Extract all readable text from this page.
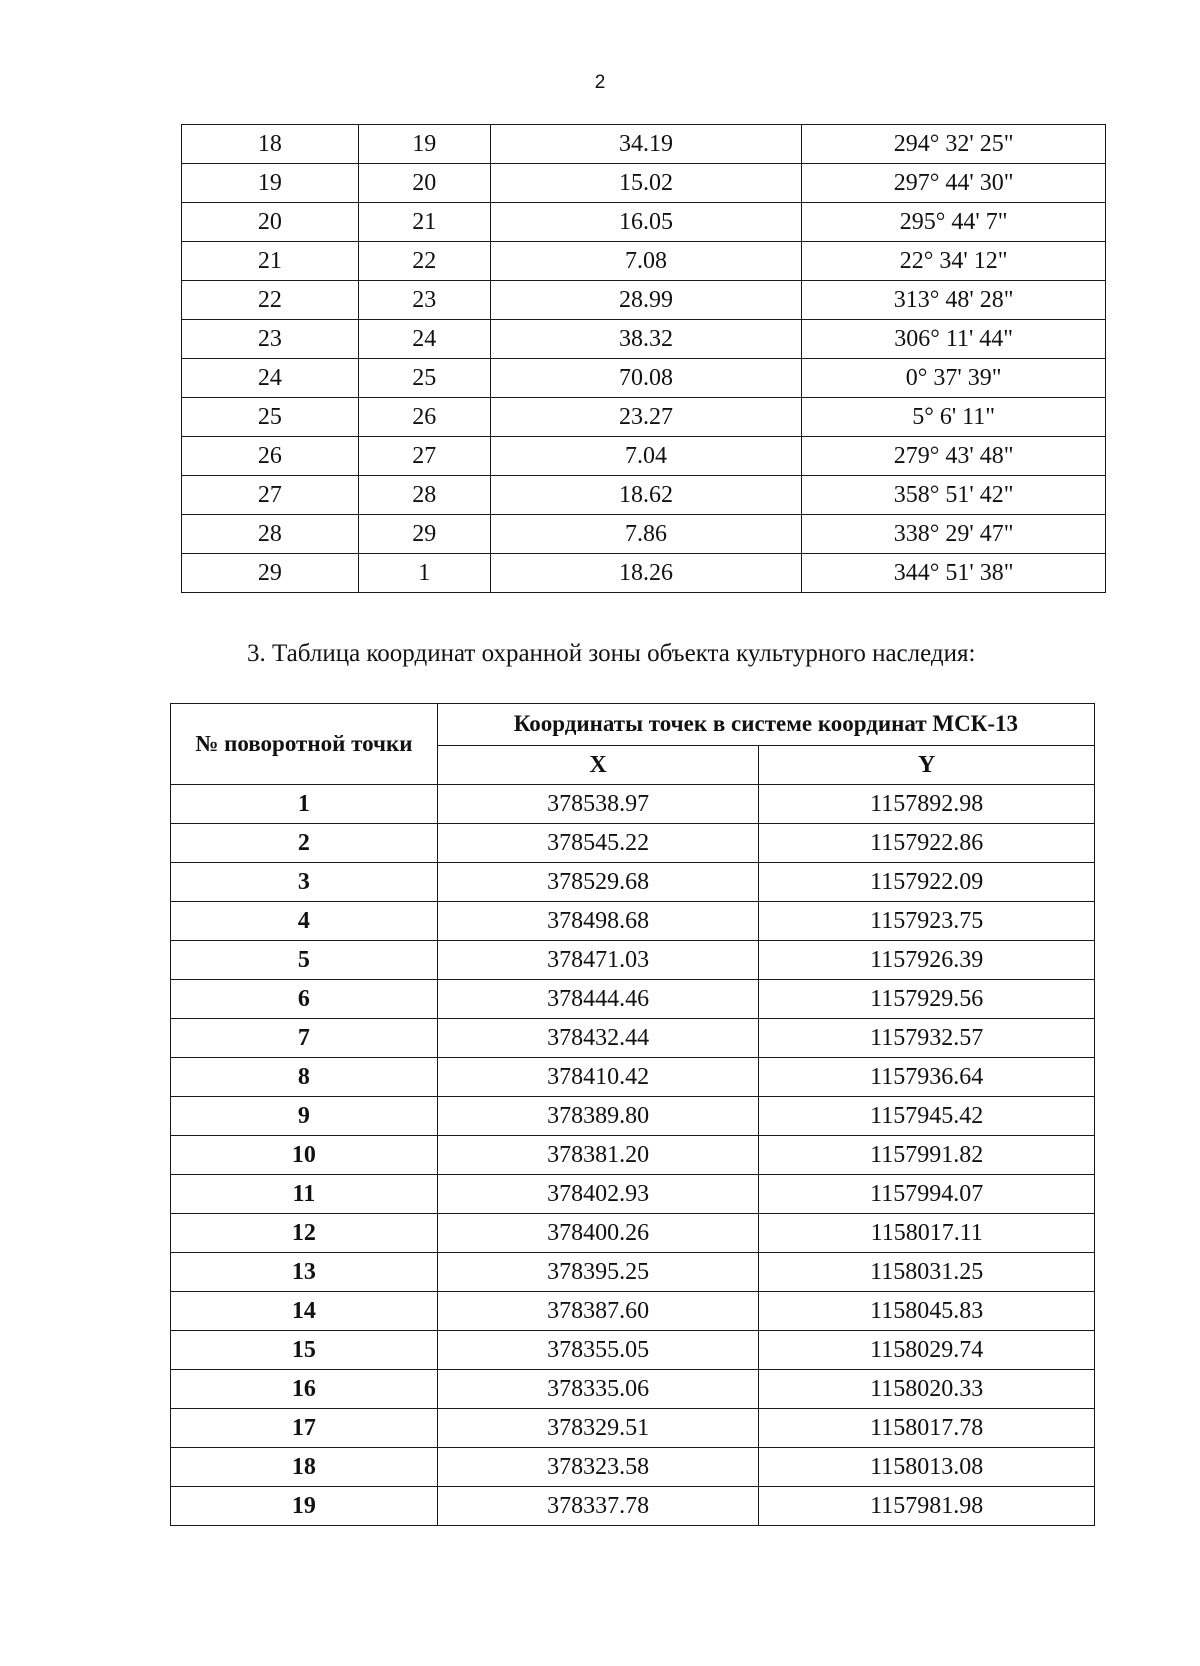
2
18	19	34.19	294° 32' 25"
19	20	15.02	297° 44' 30"
20	21	16.05	295° 44' 7"
21	22	7.08	22° 34' 12"
22	23	28.99	313° 48' 28"
23	24	38.32	306° 11' 44"
24	25	70.08	0° 37' 39"
25	26	23.27	5° 6' 11"
26	27	7.04	279° 43' 48"
27	28	18.62	358° 51' 42"
28	29	7.86	338° 29' 47"
29	1	18.26	344° 51' 38"
3. Таблица координат охранной зоны объекта культурного наследия:
№ поворотной точки	Координаты точек в системе координат МСК-13	
	X	Y
1	378538.97	1157892.98
2	378545.22	1157922.86
3	378529.68	1157922.09
4	378498.68	1157923.75
5	378471.03	1157926.39
6	378444.46	1157929.56
7	378432.44	1157932.57
8	378410.42	1157936.64
9	378389.80	1157945.42
10	378381.20	1157991.82
11	378402.93	1157994.07
12	378400.26	1158017.11
13	378395.25	1158031.25
14	378387.60	1158045.83
15	378355.05	1158029.74
16	378335.06	1158020.33
17	378329.51	1158017.78
18	378323.58	1158013.08
19	378337.78	1157981.98
